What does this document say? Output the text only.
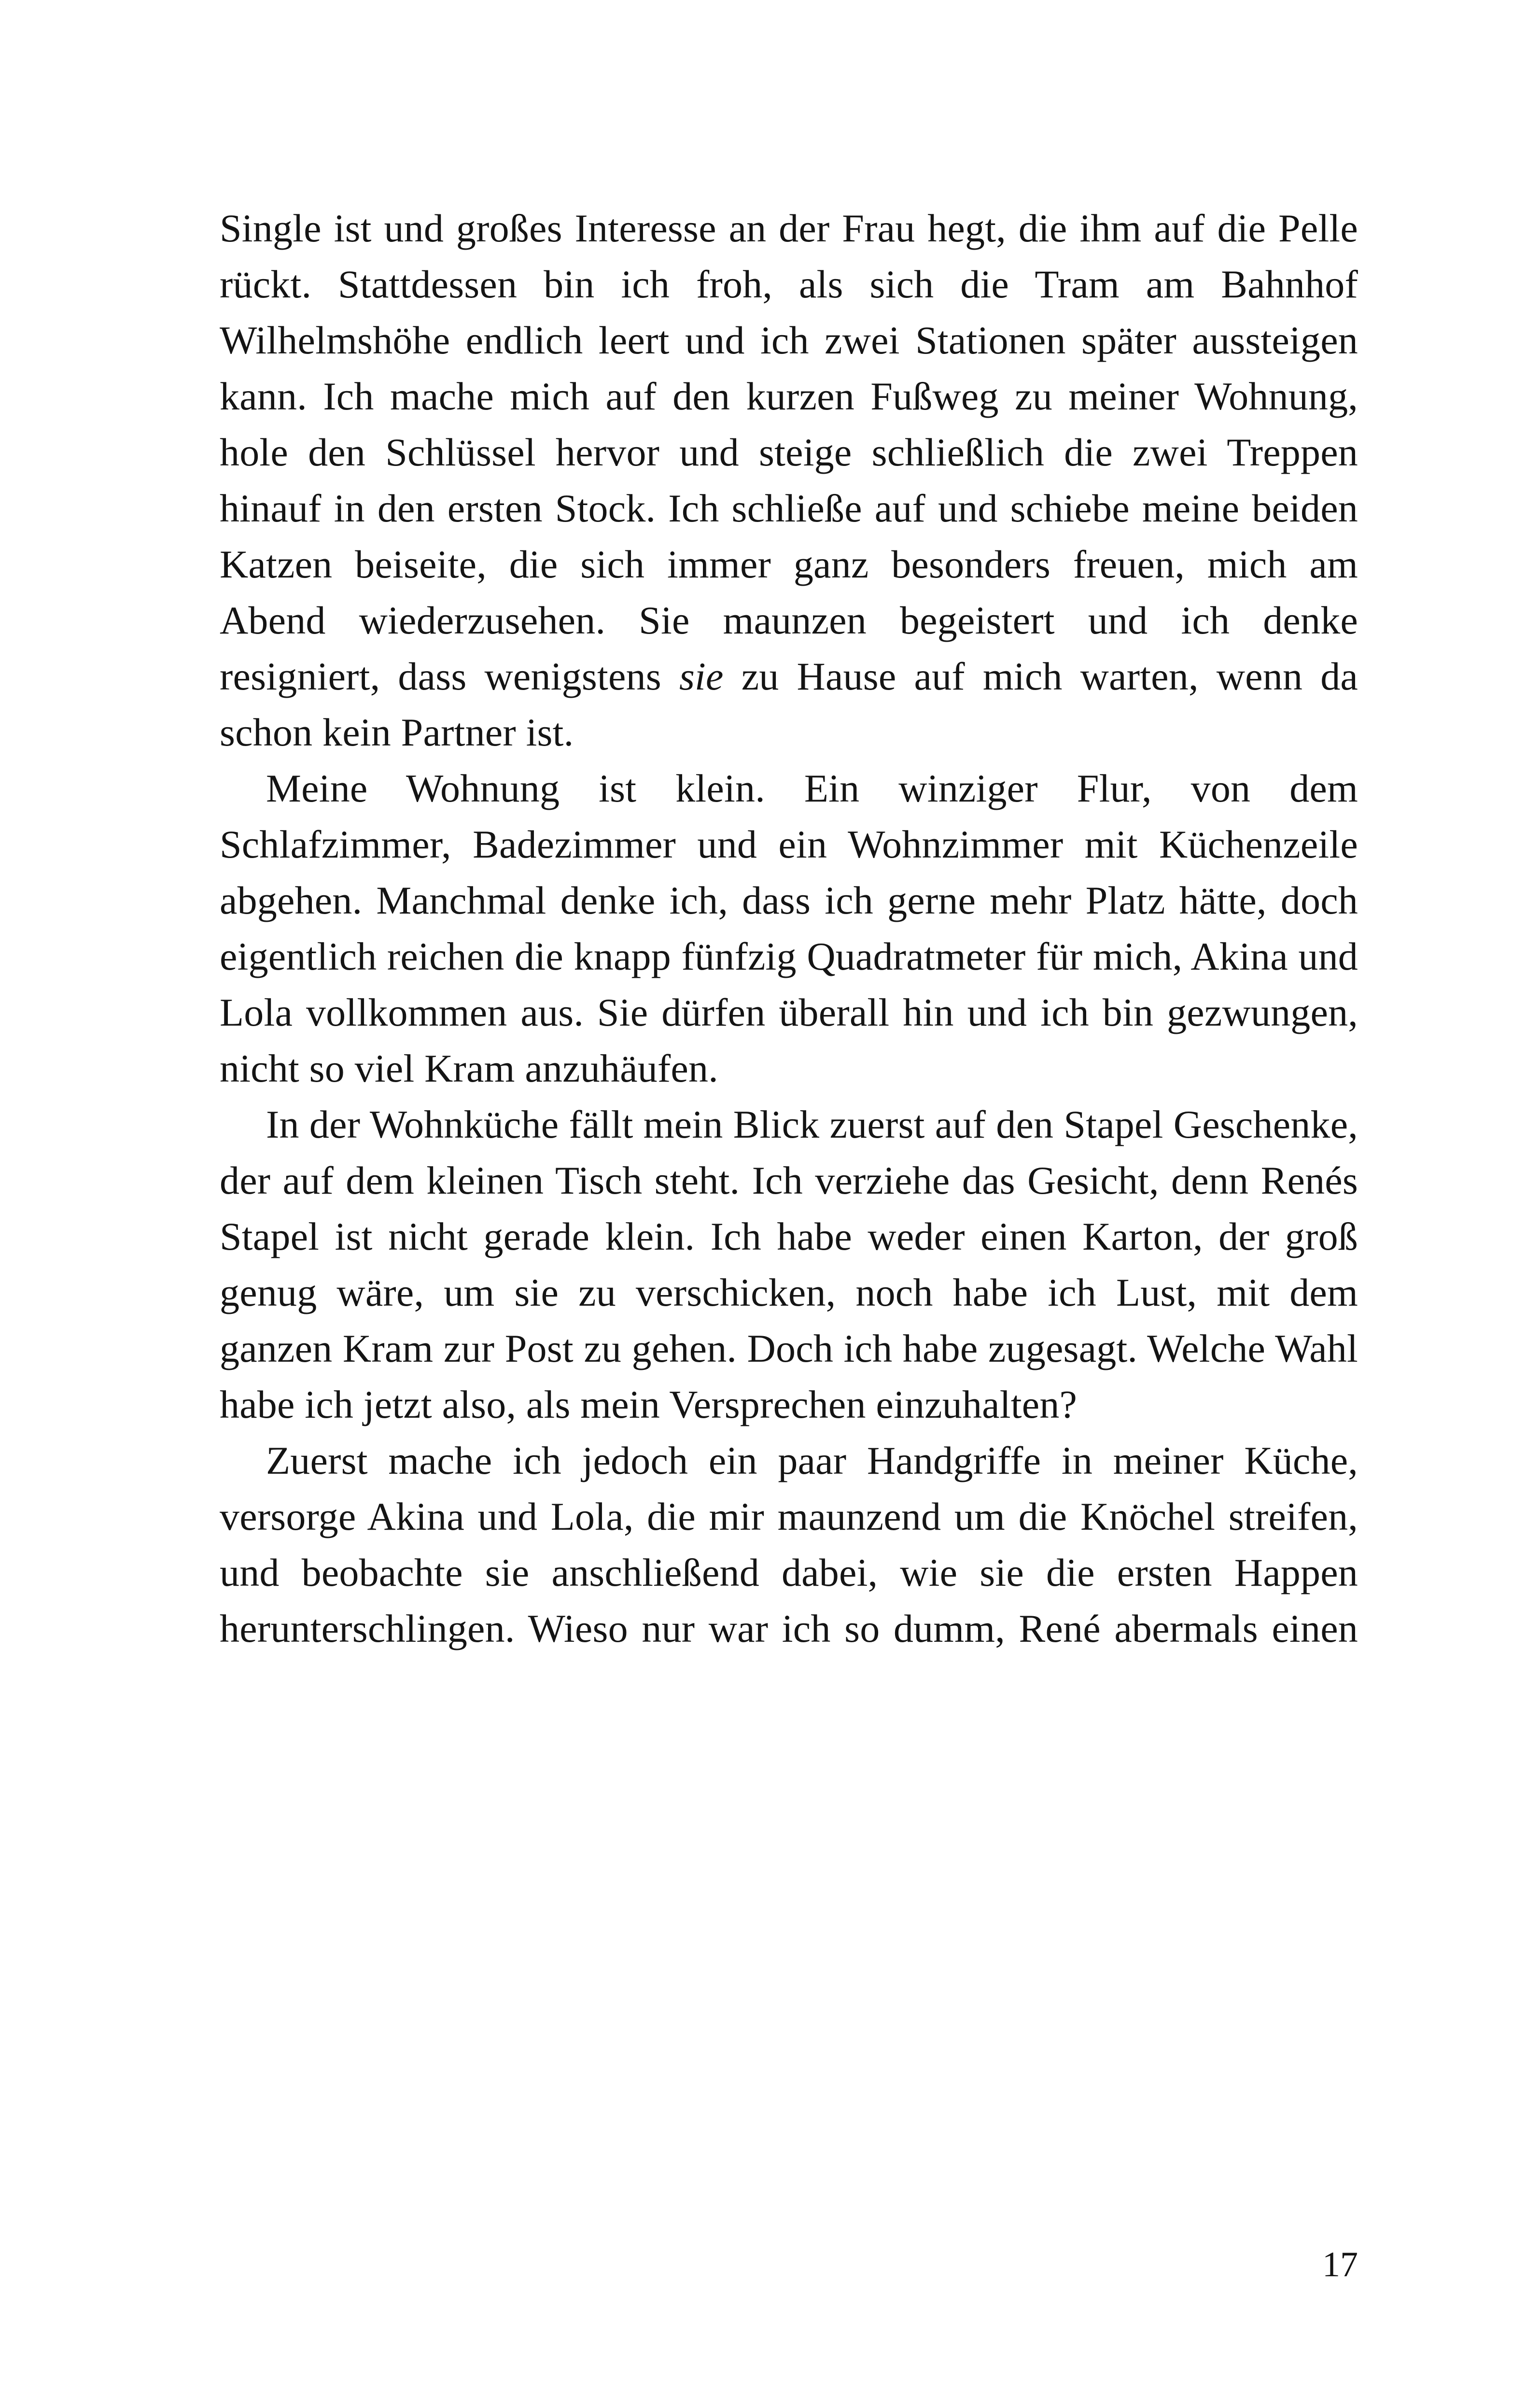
Single ist und großes Interesse an der Frau hegt, die ihm auf die Pelle rückt. Stattdessen bin ich froh, als sich die Tram am Bahnhof Wilhelmshöhe endlich leert und ich zwei Stationen später aussteigen kann. Ich mache mich auf den kurzen Fußweg zu meiner Wohnung, hole den Schlüssel hervor und steige schließlich die zwei Treppen hinauf in den ersten Stock. Ich schließe auf und schiebe meine beiden Katzen beiseite, die sich immer ganz besonders freuen, mich am Abend wiederzusehen. Sie maunzen begeistert und ich denke resigniert, dass wenigstens sie zu Hause auf mich warten, wenn da schon kein Partner ist.

Meine Wohnung ist klein. Ein winziger Flur, von dem Schlafzimmer, Badezimmer und ein Wohnzimmer mit Küchenzeile abgehen. Manchmal denke ich, dass ich gerne mehr Platz hätte, doch eigentlich reichen die knapp fünfzig Quadratmeter für mich, Akina und Lola vollkommen aus. Sie dürfen überall hin und ich bin gezwungen, nicht so viel Kram anzuhäufen.

In der Wohnküche fällt mein Blick zuerst auf den Stapel Geschenke, der auf dem kleinen Tisch steht. Ich verziehe das Gesicht, denn Renés Stapel ist nicht gerade klein. Ich habe weder einen Karton, der groß genug wäre, um sie zu verschicken, noch habe ich Lust, mit dem ganzen Kram zur Post zu gehen. Doch ich habe zugesagt. Welche Wahl habe ich jetzt also, als mein Versprechen einzuhalten?

Zuerst mache ich jedoch ein paar Handgriffe in meiner Küche, versorge Akina und Lola, die mir maunzend um die Knöchel streifen, und beobachte sie anschließend dabei, wie sie die ersten Happen herunterschlingen. Wieso nur war ich so dumm, René abermals einen

17
